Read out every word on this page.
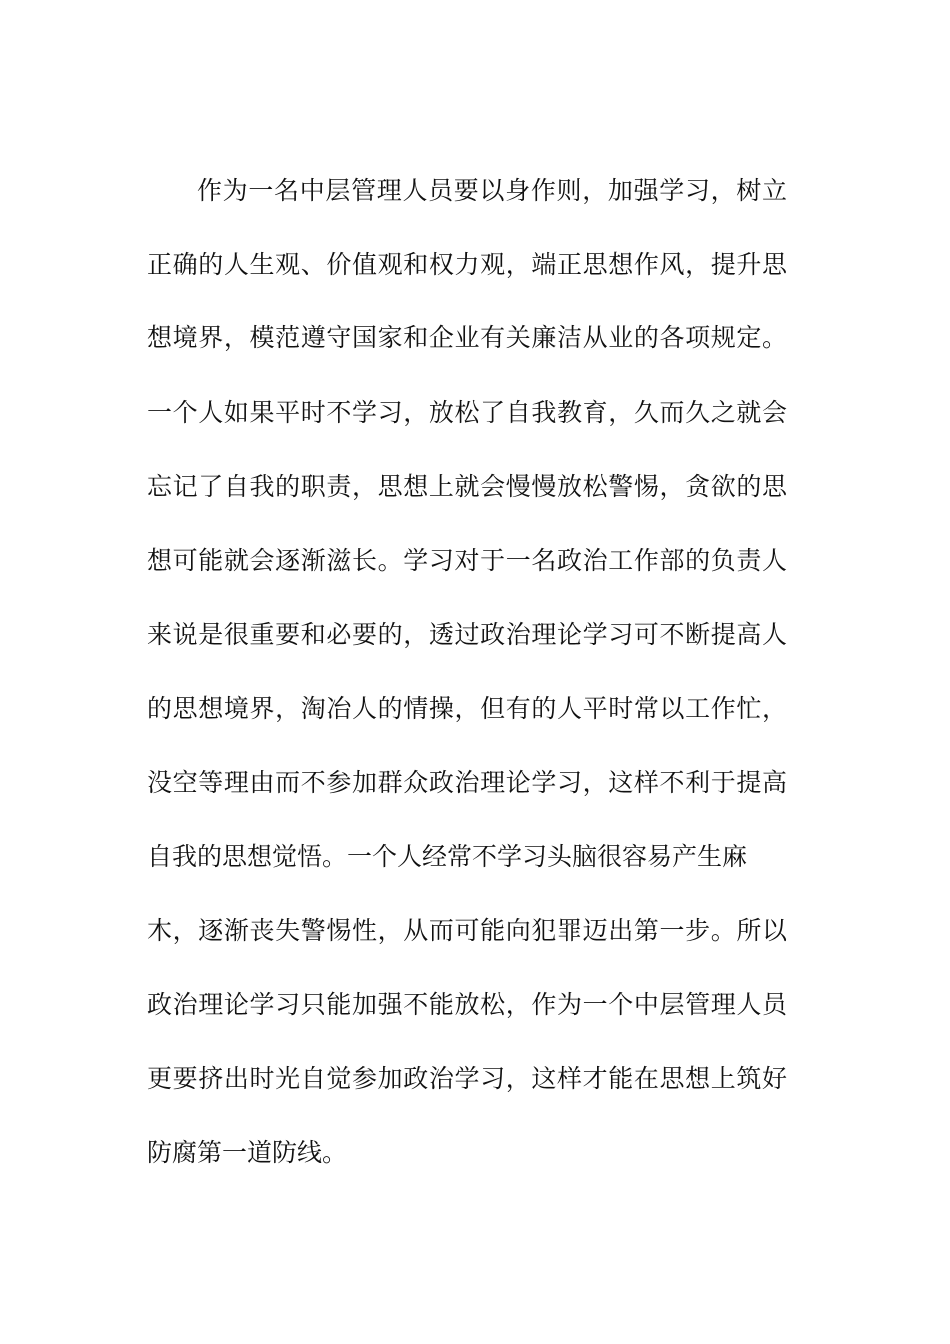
作为一名中层管理人员要以身作则，加强学习，树立
正确的人生观、价值观和权力观，端正思想作风，提升思
想境界，模范遵守国家和企业有关廉洁从业的各项规定。
一个人如果平时不学习，放松了自我教育，久而久之就会
忘记了自我的职责，思想上就会慢慢放松警惕，贪欲的思
想可能就会逐渐滋长。学习对于一名政治工作部的负责人
来说是很重要和必要的，透过政治理论学习可不断提高人
的思想境界，淘冶人的情操，但有的人平时常以工作忙，
没空等理由而不参加群众政治理论学习，这样不利于提高
自我的思想觉悟。一个人经常不学习头脑很容易产生麻
木，逐渐丧失警惕性，从而可能向犯罪迈出第一步。所以
政治理论学习只能加强不能放松，作为一个中层管理人员
更要挤出时光自觉参加政治学习，这样才能在思想上筑好
防腐第一道防线。
